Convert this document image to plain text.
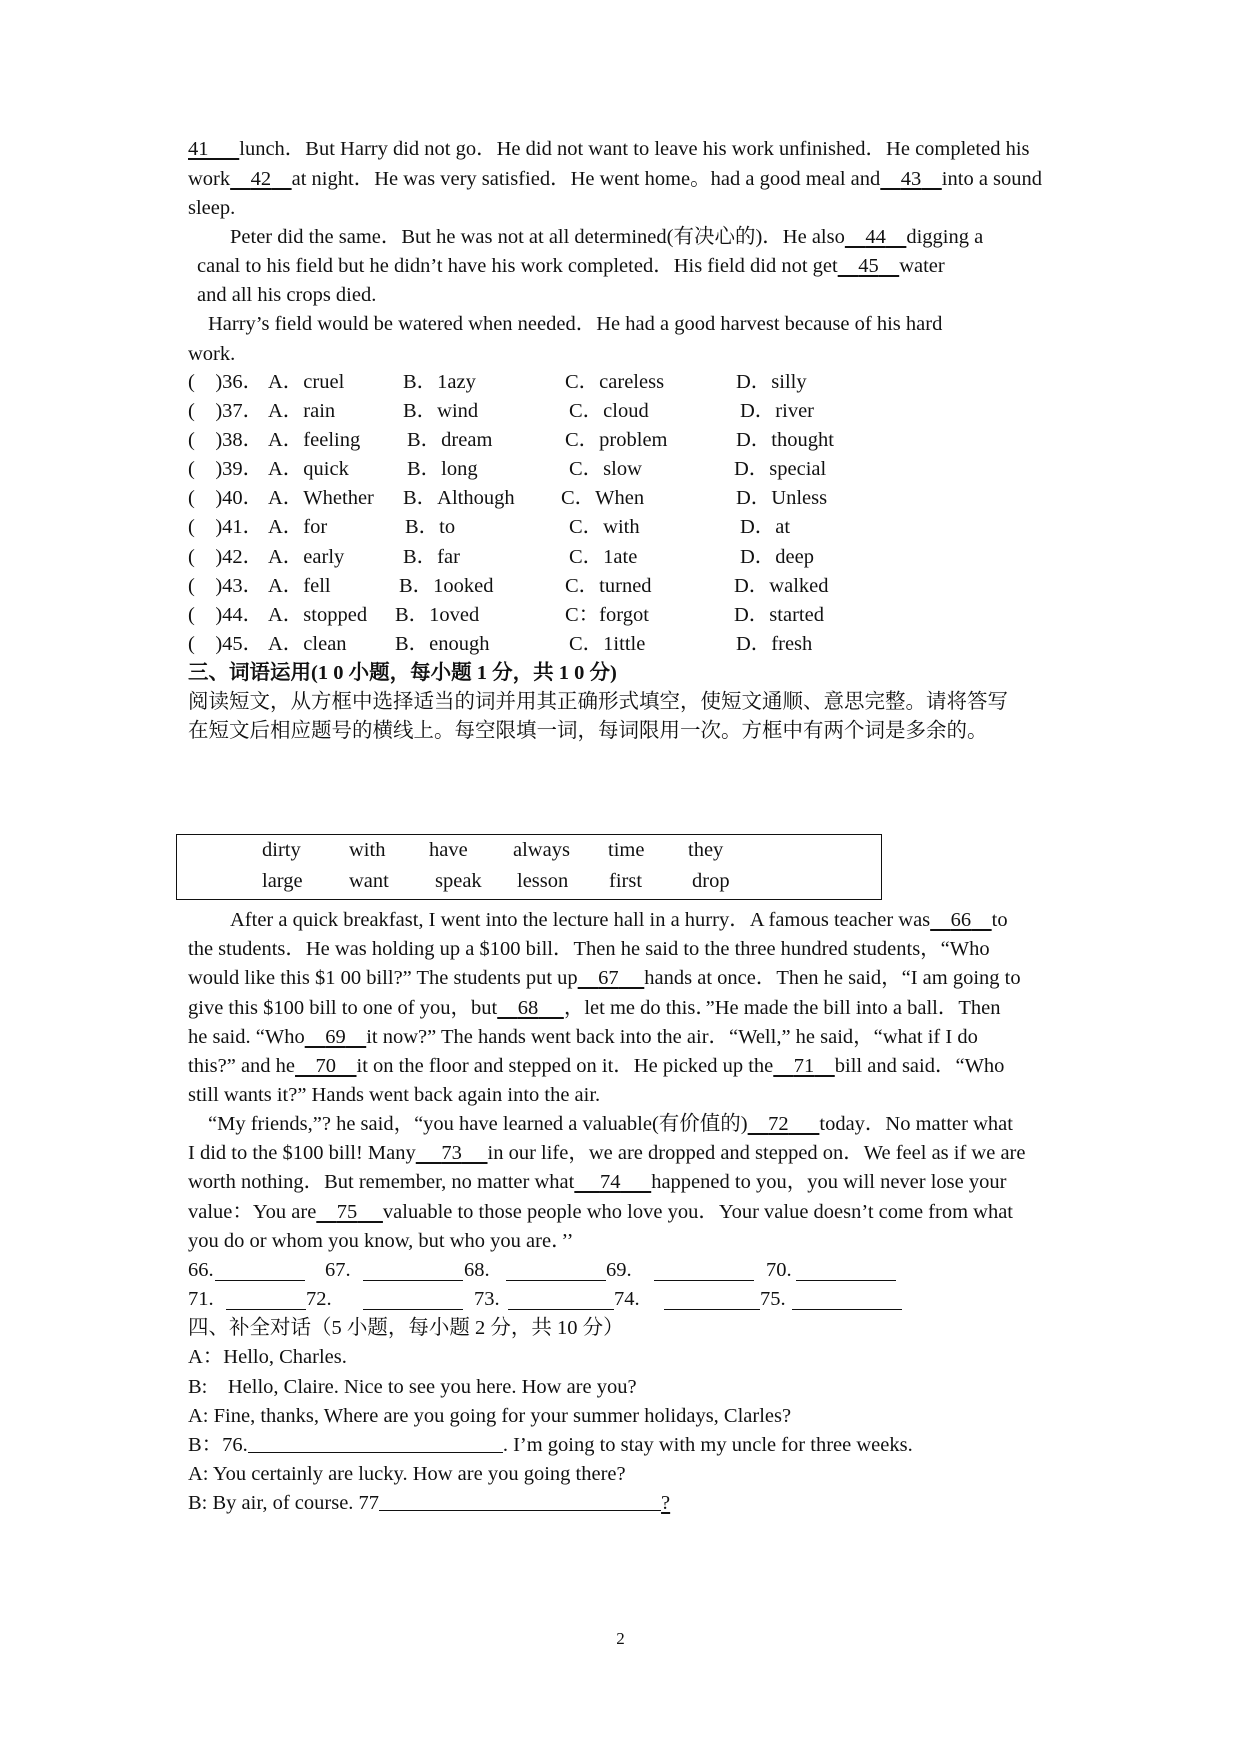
41 lunch．But Harry did not go．He did not want to leave his work unfinished．He completed his
work 42 at night．He was very satisfied．He went home。had a good meal and 43 into a sound
sleep.
Peter did the same．But he was not at all determined(有决心的)．He also 44 digging a
canal to his field but he didn’t have his work completed．His field did not get 45 water
and all his crops died.
Harry’s field would be watered when needed．He had a good harvest because of his hard
work.
(    )36． A．cruel	B．1azy	C．careless	D．silly
(    )37． A．rain	B．wind	C．cloud	D．river
(    )38． A．feeling B．dream	C．problem	D．thought
(    )39． A．quick	B．long	C．slow	D．special
(    )40． A．Whether B．Although C．When	D．Unless
(    )41． A．for	B．to	C．with	D．at
(    )42． A．early	B．far	C．1ate	D．deep
(    )43． A．fell	B．1ooked	C．turned	D．walked
(    )44． A．stopped B．1oved	C：forgot	D．started
(    )45． A．clean B．enough	C．1ittle	D．fresh
三、词语运用(1 0 小题，每小题 1 分，共 1 0 分)
阅读短文，从方框中选择适当的词并用其正确形式填空，使短文通顺、意思完整。请将答写
在短文后相应题号的横线上。每空限填一词，每词限用一次。方框中有两个词是多余的。
dirty with have always time they
large want speak lesson first drop
After a quick breakfast, I went into the lecture hall in a hurry．A famous teacher was 66 to
the students．He was holding up a $100 bill．Then he said to the three hundred students，“Who
would like this $1 00 bill?” The students put up 67 hands at once．Then he said，“I am going to
give this $100 bill to one of you，but 68 ，let me do this．”He made the bill into a ball．Then
he said. “Who 69 it now?” The hands went back into the air．“Well,” he said，“what if I do
this?” and he 70 it on the floor and stepped on it．He picked up the 71 bill and said．“Who
still wants it?” Hands went back again into the air.
“My friends,”? he said，“you have learned a valuable(有价值的) 72 today．No matter what
I did to the $100 bill! Many 73 in our life，we are dropped and stepped on．We feel as if we are
worth nothing．But remember, no matter what 74 happened to you，you will never lose your
value：You are 75 valuable to those people who love you．Your value doesn’t come from what
you do or whom you know, but who you are．’’
66.	67.	68.	69.	70.
71.	72.	73.	74.	75.
四、补全对话（5 小题，每小题 2 分，共 10 分）
A：Hello, Charles.
B:    Hello, Claire. Nice to see you here. How are you?
A: Fine, thanks, Where are you going for your summer holidays, Clarles?
B：76.	. I’m going to stay with my uncle for three weeks.
A: You certainly are lucky. How are you going there?
B: By air, of course. 77	?
2
